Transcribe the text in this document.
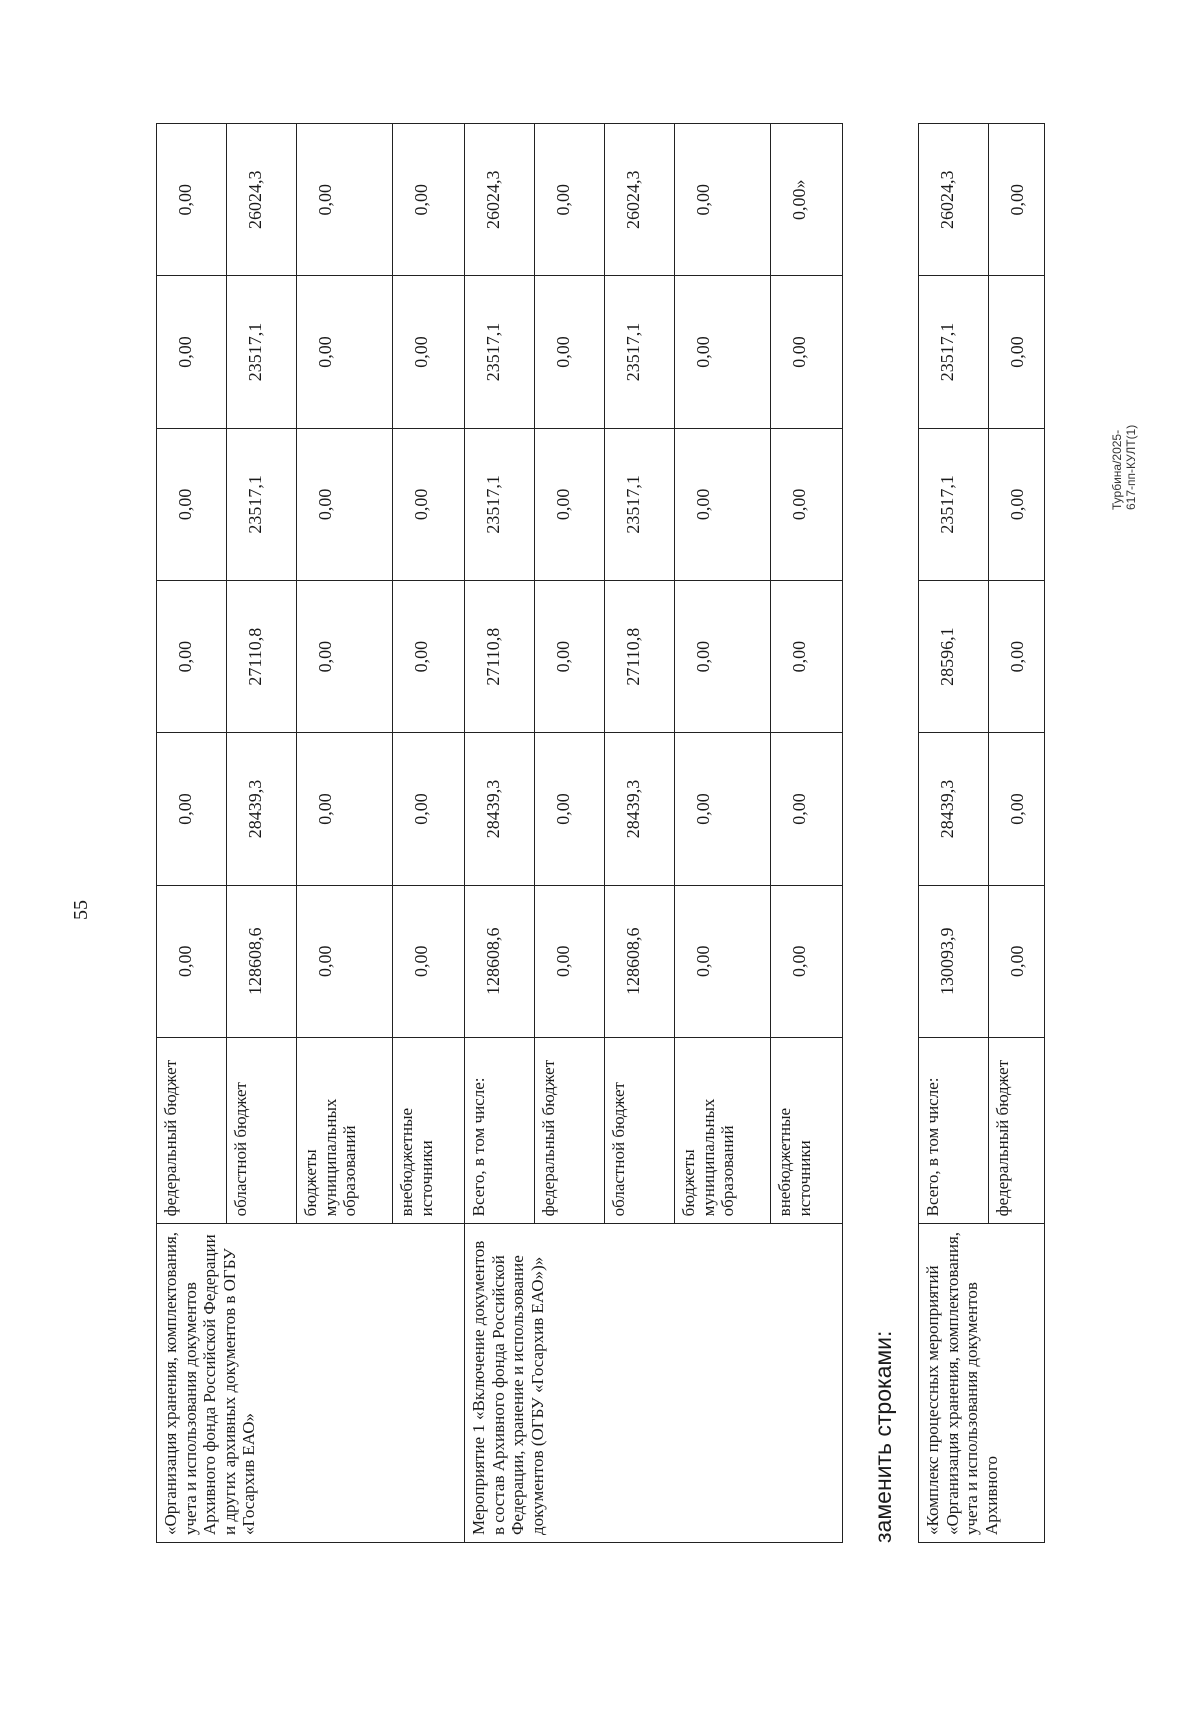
55
Турбина/2025-617-пп-КУЛТ(1)
«Организация хранения, комплектования, учета и использования документов Архивного фонда Российской Федерации и других архивных документов в ОГБУ «Госархив ЕАО»	федеральный бюджет	0,00	0,00	0,00	0,00	0,00	0,00
	областной бюджет	128608,6	28439,3	27110,8	23517,1	23517,1	26024,3
	бюджеты муниципальных образований	0,00	0,00	0,00	0,00	0,00	0,00
	внебюджетные источники	0,00	0,00	0,00	0,00	0,00	0,00
Мероприятие 1 «Включение документов в состав Архивного фонда Российской Федерации, хранение и использование документов (ОГБУ «Госархив ЕАО»)»	Всего, в том числе:	128608,6	28439,3	27110,8	23517,1	23517,1	26024,3
	федеральный бюджет	0,00	0,00	0,00	0,00	0,00	0,00
	областной бюджет	128608,6	28439,3	27110,8	23517,1	23517,1	26024,3
	бюджеты муниципальных образований	0,00	0,00	0,00	0,00	0,00	0,00
	внебюджетные источники	0,00	0,00	0,00	0,00	0,00	0,00»
заменить строками: «Комплекс процессных мероприятий «Организация хранения, комплектования, учета и использования документов Архивного	Всего, в том числе:	130093,9	28439,3	28596,1	23517,1	23517,1	26024,3
	федеральный бюджет	0,00	0,00	0,00	0,00	0,00	0,00
